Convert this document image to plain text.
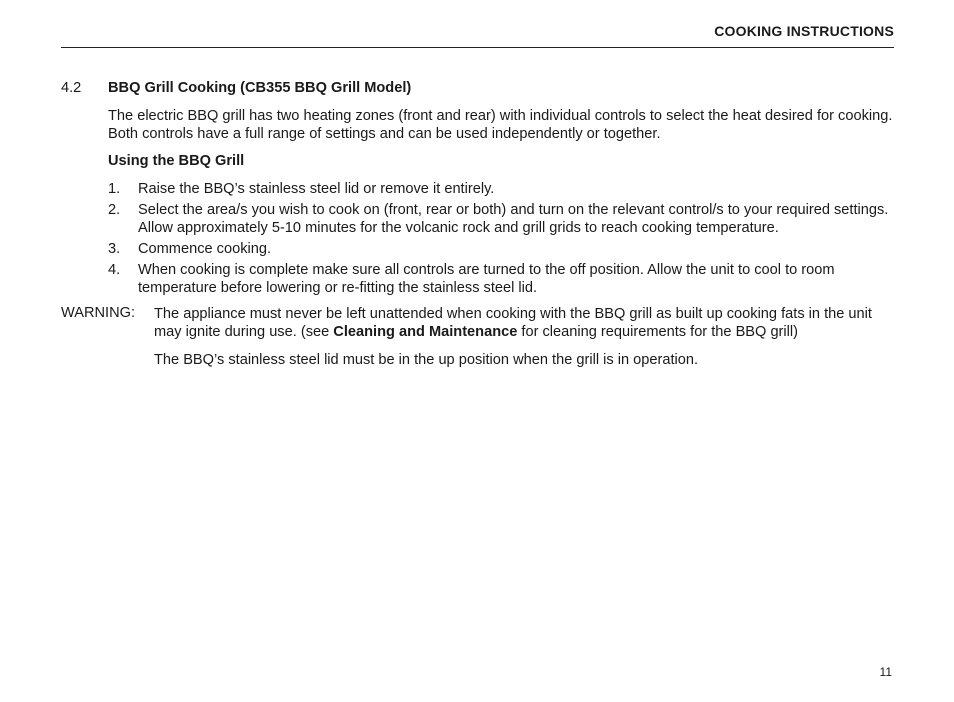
COOKING INSTRUCTIONS
4.2 BBQ Grill Cooking (CB355 BBQ Grill Model)

The electric BBQ grill has two heating zones (front and rear) with individual controls to select the heat desired for cooking. Both controls have a full range of settings and can be used independently or together.

Using the BBQ Grill
1. Raise the BBQ’s stainless steel lid or remove it entirely.
2. Select the area/s you wish to cook on (front, rear or both) and turn on the relevant control/s to your required settings. Allow approximately 5-10 minutes for the volcanic rock and grill grids to reach cooking temperature.
3. Commence cooking.
4. When cooking is complete make sure all controls are turned to the off position. Allow the unit to cool to room temperature before lowering or re-fitting the stainless steel lid.
WARNING: The appliance must never be left unattended when cooking with the BBQ grill as built up cooking fats in the unit may ignite during use. (see Cleaning and Maintenance for cleaning requirements for the BBQ grill)

The BBQ’s stainless steel lid must be in the up position when the grill is in operation.

11
